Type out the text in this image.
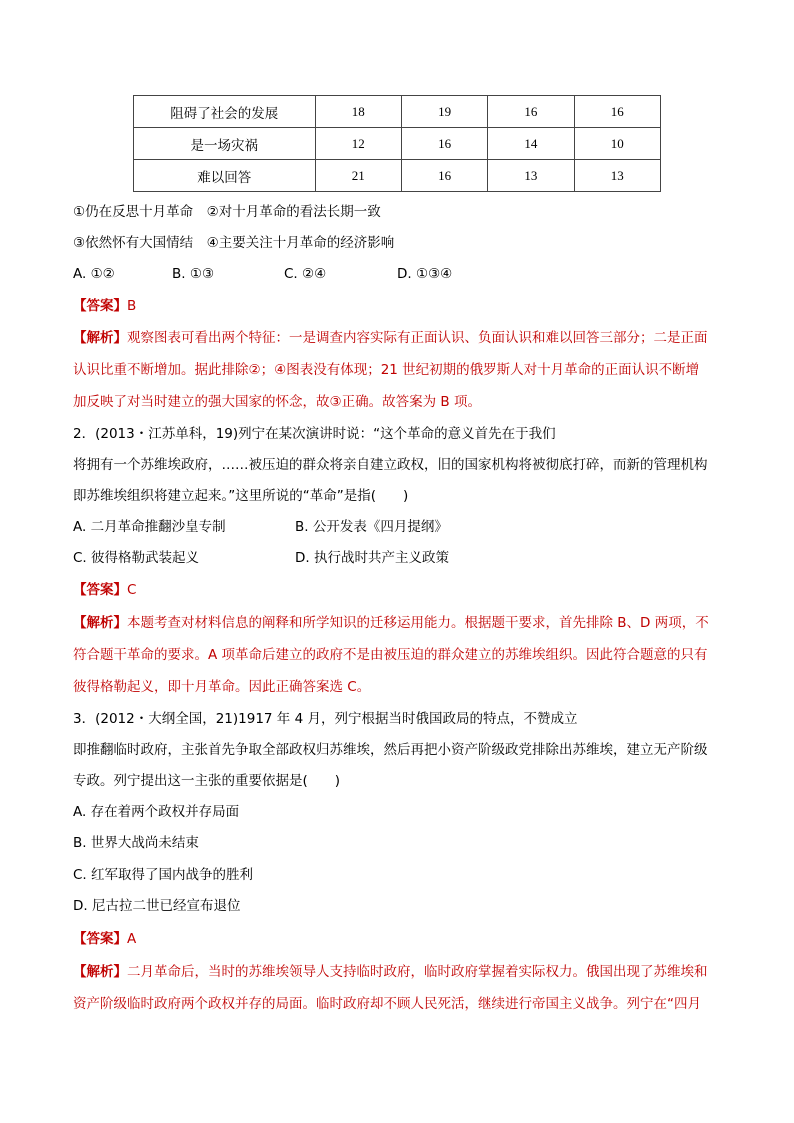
阻碍了社会的发展	18	19	16	16
是一场灾祸	12	16	14	10
难以回答	21	16	13	13
①仍在反思十月革命　②对十月革命的看法长期一致
③依然怀有大国情结　④主要关注十月革命的经济影响
A. ①②	B. ①③	C. ②④	D. ①③④
【答案】B
【解析】观察图表可看出两个特征：一是调查内容实际有正面认识、负面认识和难以回答三部分；二是正面
认识比重不断增加。据此排除②；④图表没有体现；21 世纪初期的俄罗斯人对十月革命的正面认识不断增
加反映了对当时建立的强大国家的怀念，故③正确。故答案为 B 项。
2．(2013・江苏单科，19)列宁在某次演讲时说：“这个革命的意义首先在于我们
将拥有一个苏维埃政府，……被压迫的群众将亲自建立政权，旧的国家机构将被彻底打碎，而新的管理机构
即苏维埃组织将建立起来。”这里所说的“革命”是指(　　)
A. 二月革命推翻沙皇专制	B. 公开发表《四月提纲》
C. 彼得格勒武装起义	D. 执行战时共产主义政策
【答案】C
【解析】本题考查对材料信息的阐释和所学知识的迁移运用能力。根据题干要求，首先排除 B、D 两项，不
符合题干革命的要求。A 项革命后建立的政府不是由被压迫的群众建立的苏维埃组织。因此符合题意的只有
彼得格勒起义，即十月革命。因此正确答案选 C。
3．(2012・大纲全国，21)1917 年 4 月，列宁根据当时俄国政局的特点，不赞成立
即推翻临时政府，主张首先争取全部政权归苏维埃，然后再把小资产阶级政党排除出苏维埃，建立无产阶级
专政。列宁提出这一主张的重要依据是(　　)
A. 存在着两个政权并存局面
B. 世界大战尚未结束
C. 红军取得了国内战争的胜利
D. 尼古拉二世已经宣布退位
【答案】A
【解析】二月革命后，当时的苏维埃领导人支持临时政府，临时政府掌握着实际权力。俄国出现了苏维埃和
资产阶级临时政府两个政权并存的局面。临时政府却不顾人民死活，继续进行帝国主义战争。列宁在“四月
